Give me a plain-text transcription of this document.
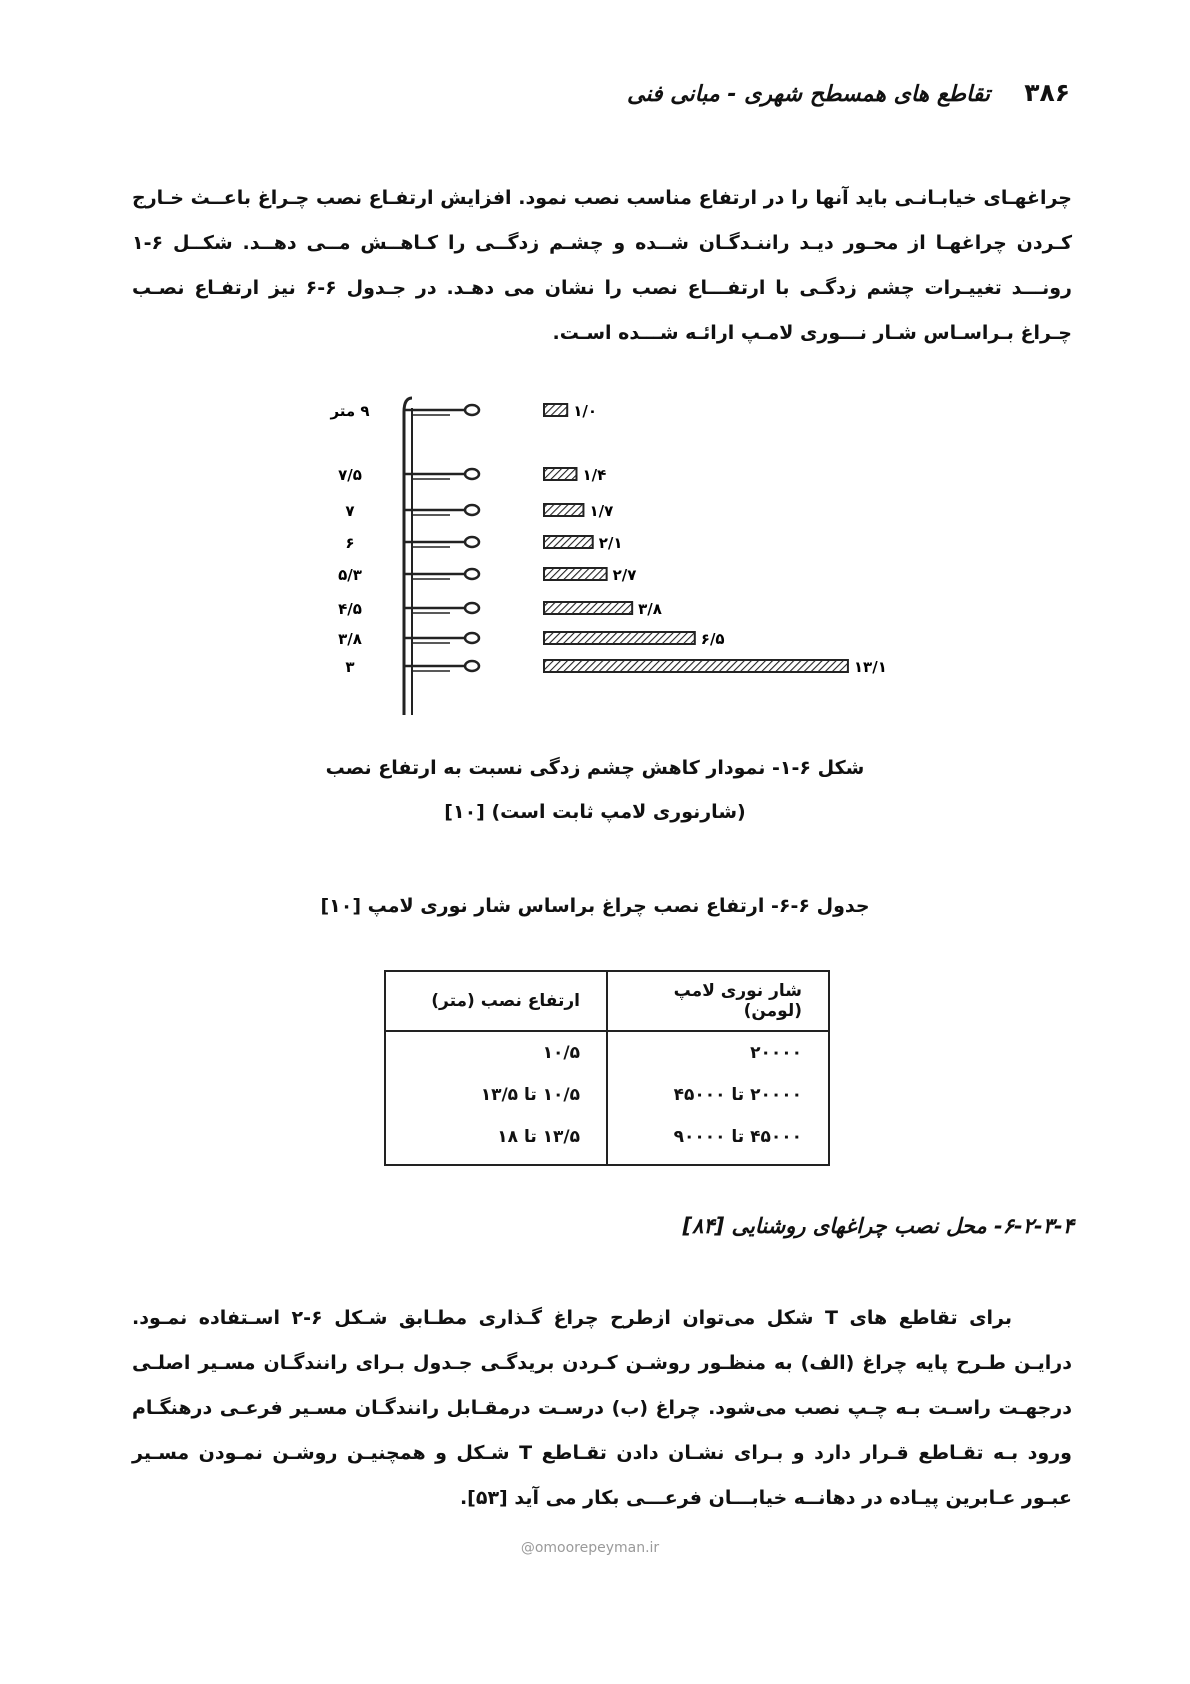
۳۸۶
تقاطع های همسطح شهری - مبانی فنی
چراغهـای خیابـانـی باید آنها را در ارتفاع مناسب نصب نمود. افزایش ارتفـاع نصب چـراغ باعــث خـارج کـردن چراغهـا از محـور دیـد راننـدگـان شــده و چشـم زدگــی را کـاهــش مــی دهــد. شکــل ۶-۱ رونـــد تغییـرات چشم زدگـی با ارتفـــاع نصب را نشان می دهـد. در جـدول ۶-۶ نیز ارتفـاع نصـب چـراغ بـراسـاس شـار نـــوری لامـپ ارائـه شـــده اسـت.
۹ متر	۱/۰
۷/۵	۱/۴
۷	۱/۷
۶	۲/۱
۵/۳	۲/۷
۴/۵	۳/۸
۳/۸	۶/۵
۳	۱۳/۱
شکل ۶-۱- نمودار کاهش چشم زدگی نسبت به ارتفاع نصب
(شارنوری لامپ ثابت است) [۱۰]
جدول ۶-۶- ارتفاع نصب چراغ براساس شار نوری لامپ [۱۰]
شار نوری لامپ (لومن)	ارتفاع نصب (متر)
۲۰۰۰۰	۱۰/۵
۲۰۰۰۰ تا ۴۵۰۰۰	۱۰/۵ تا ۱۳/۵
۴۵۰۰۰ تا ۹۰۰۰۰	۱۳/۵ تا ۱۸
۶-۲-۳-۴- محل نصب چراغهای روشنایی [۸۴]
برای تقاطع های T شکل می‌توان ازطرح چراغ گـذاری مطـابق شـکل ۶-۲ اسـتفاده نمـود. درایـن طـرح پایه چراغ (الف) به منظـور روشـن کـردن بریدگـی جـدول بـرای رانندگـان مسـیر اصلـی درجهـت راسـت بـه چـپ نصب می‌شود. چراغ (ب) درسـت درمقـابل رانندگـان مسـیر فرعـی درهنگـام ورود بـه تقـاطع قـرار دارد و بـرای نشـان دادن تقـاطع T شـکل و همچنیـن روشـن نمـودن مسـیر عبـور عـابرین پیـاده در دهانــه خیابـــان فرعـــی بکار می آید [۵۳].
@omoorepeyman.ir
